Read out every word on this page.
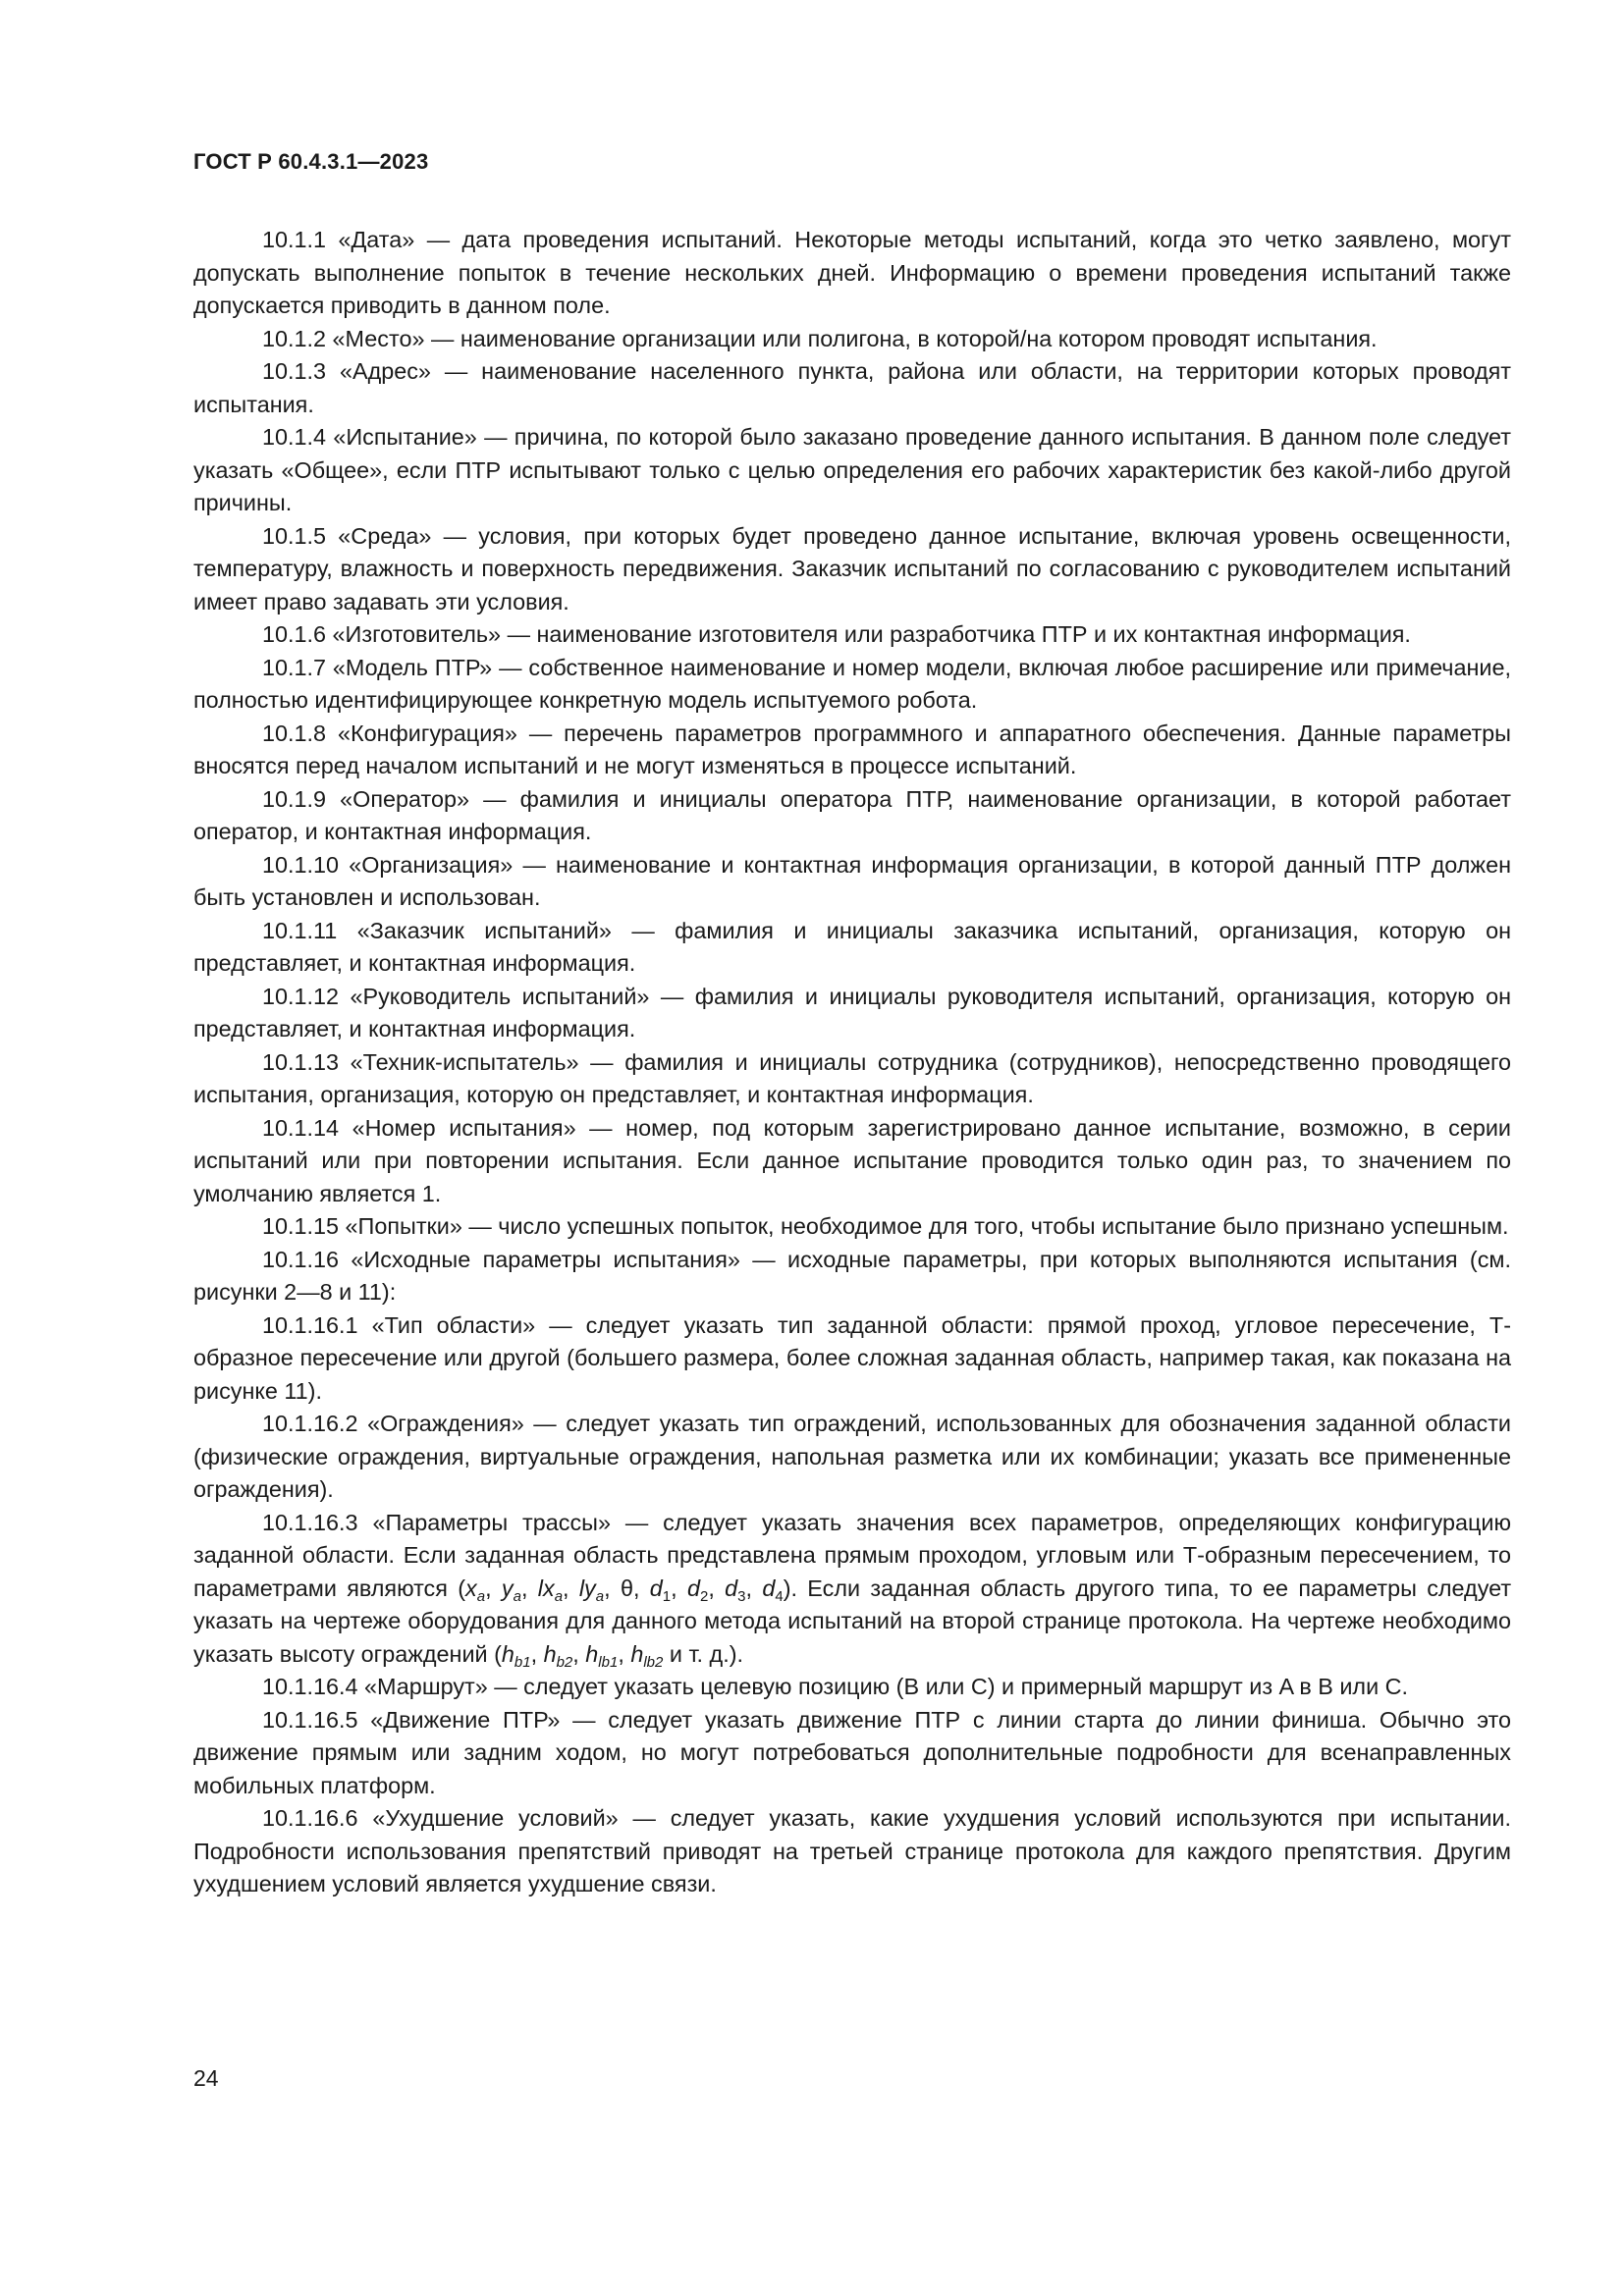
ГОСТ Р 60.4.3.1—2023

10.1.1 «Дата» — дата проведения испытаний. Некоторые методы испытаний, когда это четко заявлено, могут допускать выполнение попыток в течение нескольких дней. Информацию о времени проведения испытаний также допускается приводить в данном поле.

10.1.2 «Место» — наименование организации или полигона, в которой/на котором проводят испытания.

10.1.3 «Адрес» — наименование населенного пункта, района или области, на территории которых проводят испытания.

10.1.4 «Испытание» — причина, по которой было заказано проведение данного испытания. В данном поле следует указать «Общее», если ПТР испытывают только с целью определения его рабочих характеристик без какой-либо другой причины.

10.1.5 «Среда» — условия, при которых будет проведено данное испытание, включая уровень освещенности, температуру, влажность и поверхность передвижения. Заказчик испытаний по согласованию с руководителем испытаний имеет право задавать эти условия.

10.1.6 «Изготовитель» — наименование изготовителя или разработчика ПТР и их контактная информация.

10.1.7 «Модель ПТР» — собственное наименование и номер модели, включая любое расширение или примечание, полностью идентифицирующее конкретную модель испытуемого робота.

10.1.8 «Конфигурация» — перечень параметров программного и аппаратного обеспечения. Данные параметры вносятся перед началом испытаний и не могут изменяться в процессе испытаний.

10.1.9 «Оператор» — фамилия и инициалы оператора ПТР, наименование организации, в которой работает оператор, и контактная информация.

10.1.10 «Организация» — наименование и контактная информация организации, в которой данный ПТР должен быть установлен и использован.

10.1.11 «Заказчик испытаний» — фамилия и инициалы заказчика испытаний, организация, которую он представляет, и контактная информация.

10.1.12 «Руководитель испытаний» — фамилия и инициалы руководителя испытаний, организация, которую он представляет, и контактная информация.

10.1.13 «Техник-испытатель» — фамилия и инициалы сотрудника (сотрудников), непосредственно проводящего испытания, организация, которую он представляет, и контактная информация.

10.1.14 «Номер испытания» — номер, под которым зарегистрировано данное испытание, возможно, в серии испытаний или при повторении испытания. Если данное испытание проводится только один раз, то значением по умолчанию является 1.

10.1.15 «Попытки» — число успешных попыток, необходимое для того, чтобы испытание было признано успешным.

10.1.16 «Исходные параметры испытания» — исходные параметры, при которых выполняются испытания (см. рисунки 2—8 и 11):

10.1.16.1 «Тип области» — следует указать тип заданной области: прямой проход, угловое пересечение, Т-образное пересечение или другой (большего размера, более сложная заданная область, например такая, как показана на рисунке 11).

10.1.16.2 «Ограждения» — следует указать тип ограждений, использованных для обозначения заданной области (физические ограждения, виртуальные ограждения, напольная разметка или их комбинации; указать все примененные ограждения).

10.1.16.3 «Параметры трассы» — следует указать значения всех параметров, определяющих конфигурацию заданной области. Если заданная область представлена прямым проходом, угловым или Т-образным пересечением, то параметрами являются ($x_a$, $y_a$, $lx_a$, $ly_a$, θ, $d_1$, $d_2$, $d_3$, $d_4$). Если заданная область другого типа, то ее параметры следует указать на чертеже оборудования для данного метода испытаний на второй странице протокола. На чертеже необходимо указать высоту ограждений ($h_{b1}$, $h_{b2}$, $h_{lb1}$, $h_{lb2}$ и т. д.).

10.1.16.4 «Маршрут» — следует указать целевую позицию (B или C) и примерный маршрут из A в B или C.

10.1.16.5 «Движение ПТР» — следует указать движение ПТР с линии старта до линии финиша. Обычно это движение прямым или задним ходом, но могут потребоваться дополнительные подробности для всенаправленных мобильных платформ.

10.1.16.6 «Ухудшение условий» — следует указать, какие ухудшения условий используются при испытании. Подробности использования препятствий приводят на третьей странице протокола для каждого препятствия. Другим ухудшением условий является ухудшение связи.

24
